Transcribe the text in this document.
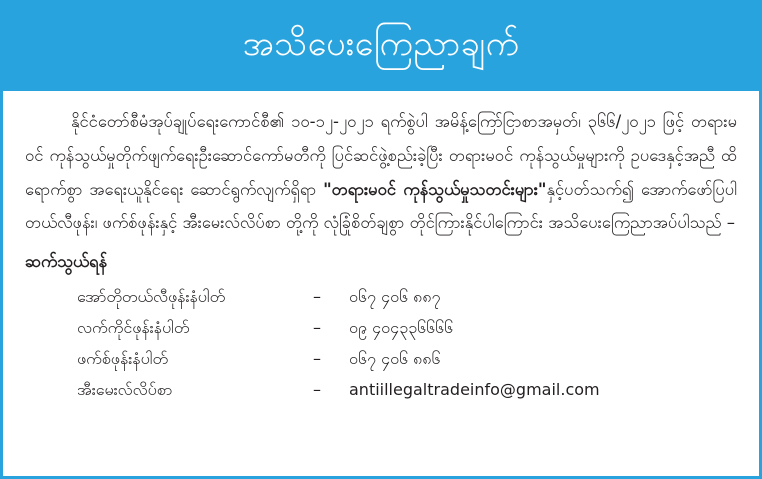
အသိပေးကြေညာချက်

နိုင်ငံတော်စီမံအုပ်ချုပ်ရေးကောင်စီ၏ ၁၀-၁၂-၂၀၂၁ ရက်စွဲပါ အမိန့်ကြော်ငြာစာအမှတ်၊ ၃၆၆/၂၀၂၁ ဖြင့် တရားမဝင် ကုန်သွယ်မှုတိုက်ဖျက်ရေးဦးဆောင်ကော်မတီကို ပြင်ဆင်ဖွဲ့စည်းခဲ့ပြီး တရားမဝင် ကုန်သွယ်မှုများကို ဥပဒေနှင့်အညီ ထိရောက်စွာ အရေးယူနိုင်ရေး ဆောင်ရွက်လျက်ရှိရာ "တရားမဝင် ကုန်သွယ်မှုသတင်းများ"နှင့်ပတ်သက်၍ အောက်ဖော်ပြပါ တယ်လီဖုန်း၊ ဖက်စ်ဖုန်းနှင့် အီးမေးလ်လိပ်စာ တို့ကို လုံခြုံစိတ်ချစွာ တိုင်ကြားနိုင်ပါကြောင်း အသိပေးကြေညာအပ်ပါသည် –

ဆက်သွယ်ရန်
အော်တိုတယ်လီဖုန်းနံပါတ်	–	၀၆၇ ၄၀၆ ၈၈၇
လက်ကိုင်ဖုန်းနံပါတ်	–	၀၉ ၄၀၄၃၃၆၆၆၆
ဖက်စ်ဖုန်းနံပါတ်	–	၀၆၇ ၄၀၆ ၈၈၆
အီးမေးလ်လိပ်စာ	–	antiillegaltradeinfo@gmail.com
